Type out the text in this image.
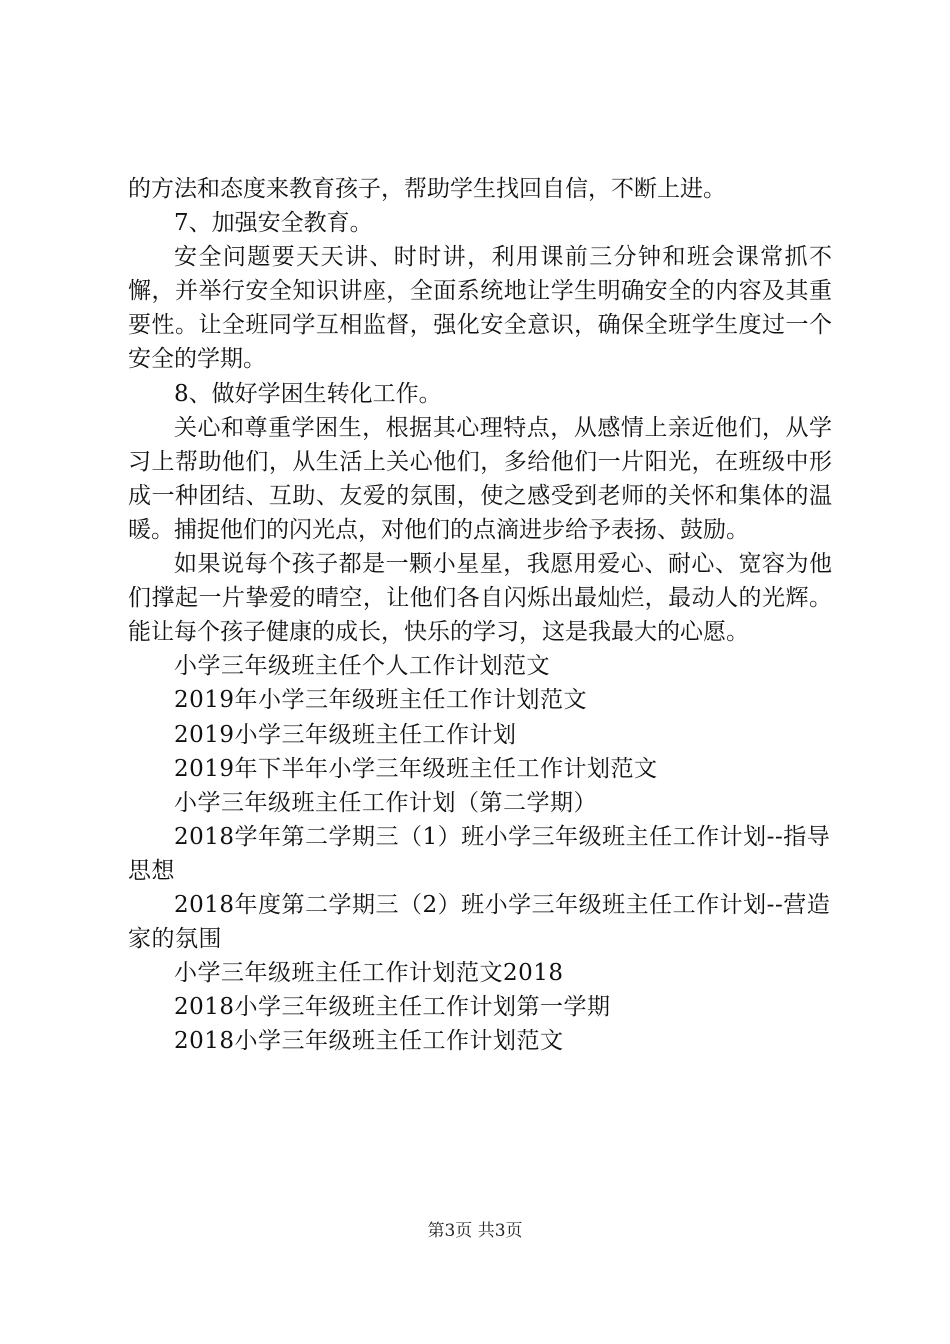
的方法和态度来教育孩子，帮助学生找回自信，不断上进。

7、加强安全教育。

安全问题要天天讲、时时讲，利用课前三分钟和班会课常抓不懈，并举行安全知识讲座，全面系统地让学生明确安全的内容及其重要性。让全班同学互相监督，强化安全意识，确保全班学生度过一个安全的学期。

8、做好学困生转化工作。

关心和尊重学困生，根据其心理特点，从感情上亲近他们，从学习上帮助他们，从生活上关心他们，多给他们一片阳光，在班级中形成一种团结、互助、友爱的氛围，使之感受到老师的关怀和集体的温暖。捕捉他们的闪光点，对他们的点滴进步给予表扬、鼓励。

如果说每个孩子都是一颗小星星，我愿用爱心、耐心、宽容为他们撑起一片挚爱的晴空，让他们各自闪烁出最灿烂，最动人的光辉。能让每个孩子健康的成长，快乐的学习，这是我最大的心愿。

小学三年级班主任个人工作计划范文

2019年小学三年级班主任工作计划范文

2019小学三年级班主任工作计划

2019年下半年小学三年级班主任工作计划范文

小学三年级班主任工作计划（第二学期）

2018学年第二学期三（1）班小学三年级班主任工作计划--指导思想

2018年度第二学期三（2）班小学三年级班主任工作计划--营造家的氛围

小学三年级班主任工作计划范文2018

2018小学三年级班主任工作计划第一学期

2018小学三年级班主任工作计划范文

第3页 共3页
